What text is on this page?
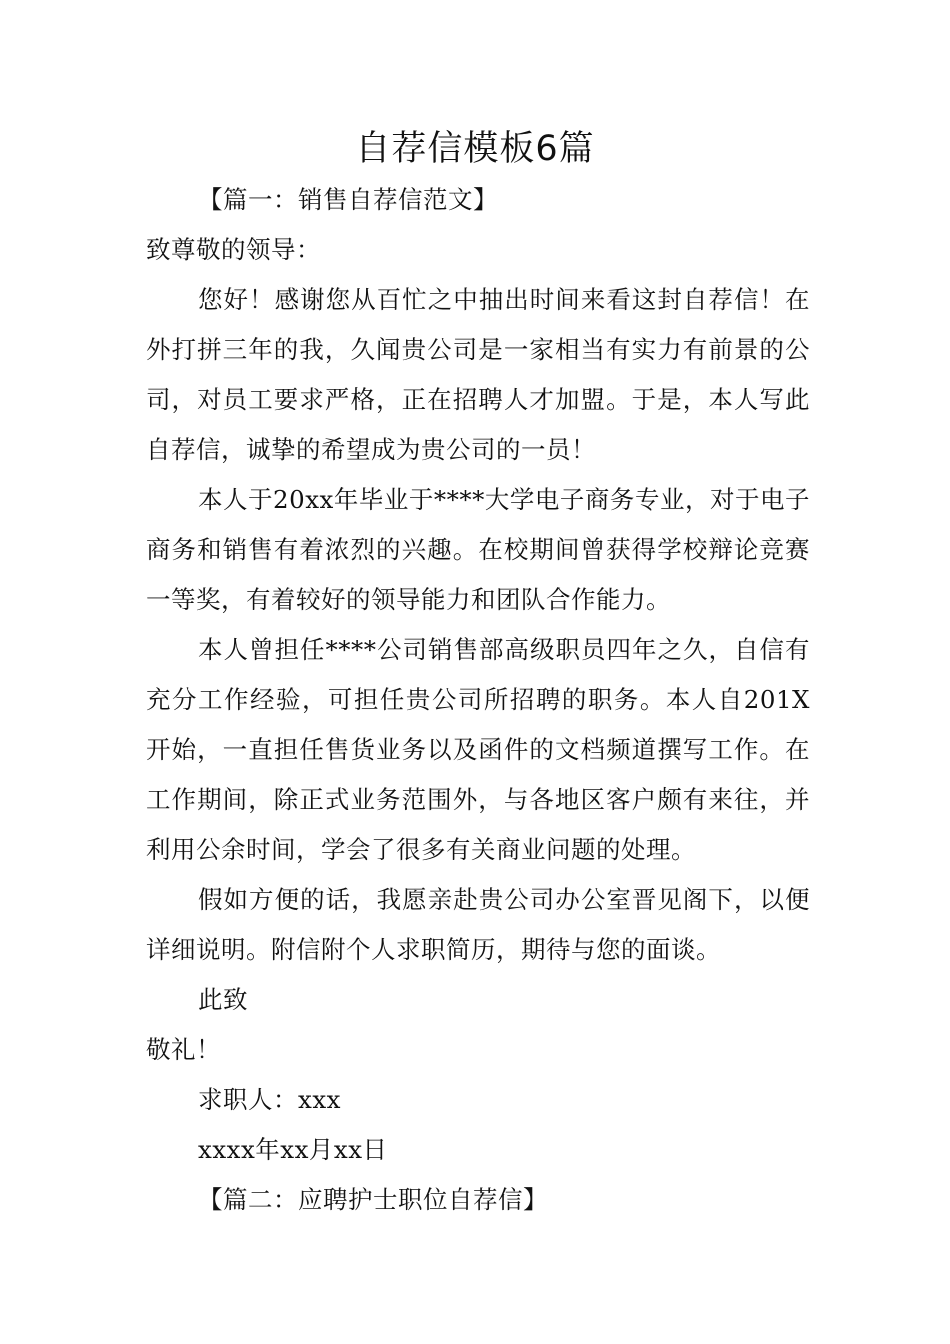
自荐信模板6篇

【篇一：销售自荐信范文】

致尊敬的领导：

您好！感谢您从百忙之中抽出时间来看这封自荐信！在外打拼三年的我，久闻贵公司是一家相当有实力有前景的公司，对员工要求严格，正在招聘人才加盟。于是，本人写此自荐信，诚挚的希望成为贵公司的一员！

本人于20xx年毕业于****大学电子商务专业，对于电子商务和销售有着浓烈的兴趣。在校期间曾获得学校辩论竞赛一等奖，有着较好的领导能力和团队合作能力。

本人曾担任****公司销售部高级职员四年之久，自信有充分工作经验，可担任贵公司所招聘的职务。本人自201X开始，一直担任售货业务以及函件的文档频道撰写工作。在工作期间，除正式业务范围外，与各地区客户颇有来往，并利用公余时间，学会了很多有关商业问题的处理。

假如方便的话，我愿亲赴贵公司办公室晋见阁下，以便详细说明。附信附个人求职简历，期待与您的面谈。

此致

敬礼！

求职人：xxx

xxxx年xx月xx日

【篇二：应聘护士职位自荐信】
